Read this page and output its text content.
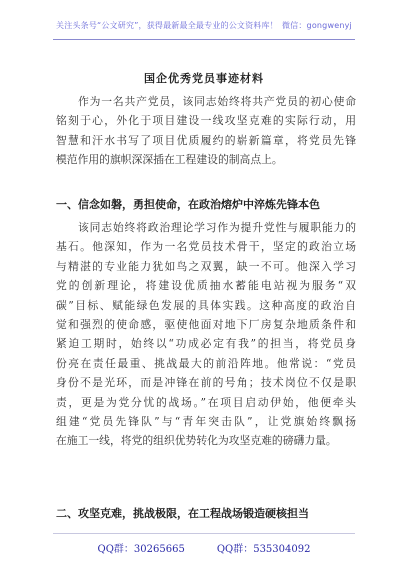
关注头条号“公文研究”，获得最新最全最专业的公文资料库！ 微信：gongwenyj
国企优秀党员事迹材料
作为一名共产党员，该同志始终将共产党员的初心使命
铭刻于心，外化于项目建设一线攻坚克难的实际行动，用
智慧和汗水书写了项目优质履约的崭新篇章，将党员先锋
模范作用的旗帜深深插在工程建设的制高点上。
一、信念如磐，勇担使命，在政治熔炉中淬炼先锋本色
该同志始终将政治理论学习作为提升党性与履职能力的
基石。他深知，作为一名党员技术骨干，坚定的政治立场
与精湛的专业能力犹如鸟之双翼，缺一不可。他深入学习
党的创新理论，将建设优质抽水蓄能电站视为服务“双
碳”目标、赋能绿色发展的具体实践。这种高度的政治自
觉和强烈的使命感，驱使他面对地下厂房复杂地质条件和
紧迫工期时，始终以“功成必定有我”的担当，将党员身
份亮在责任最重、挑战最大的前沿阵地。他常说：“党员
身份不是光环，而是冲锋在前的号角；技术岗位不仅是职
责，更是为党分忧的战场。”在项目启动伊始，他便牵头
组建“党员先锋队”与“青年突击队”，让党旗始终飘扬
在施工一线，将党的组织优势转化为攻坚克难的磅礴力量。
二、攻坚克难，挑战极限，在工程战场锻造硬核担当
QQ群：30265665	QQ群：535304092
